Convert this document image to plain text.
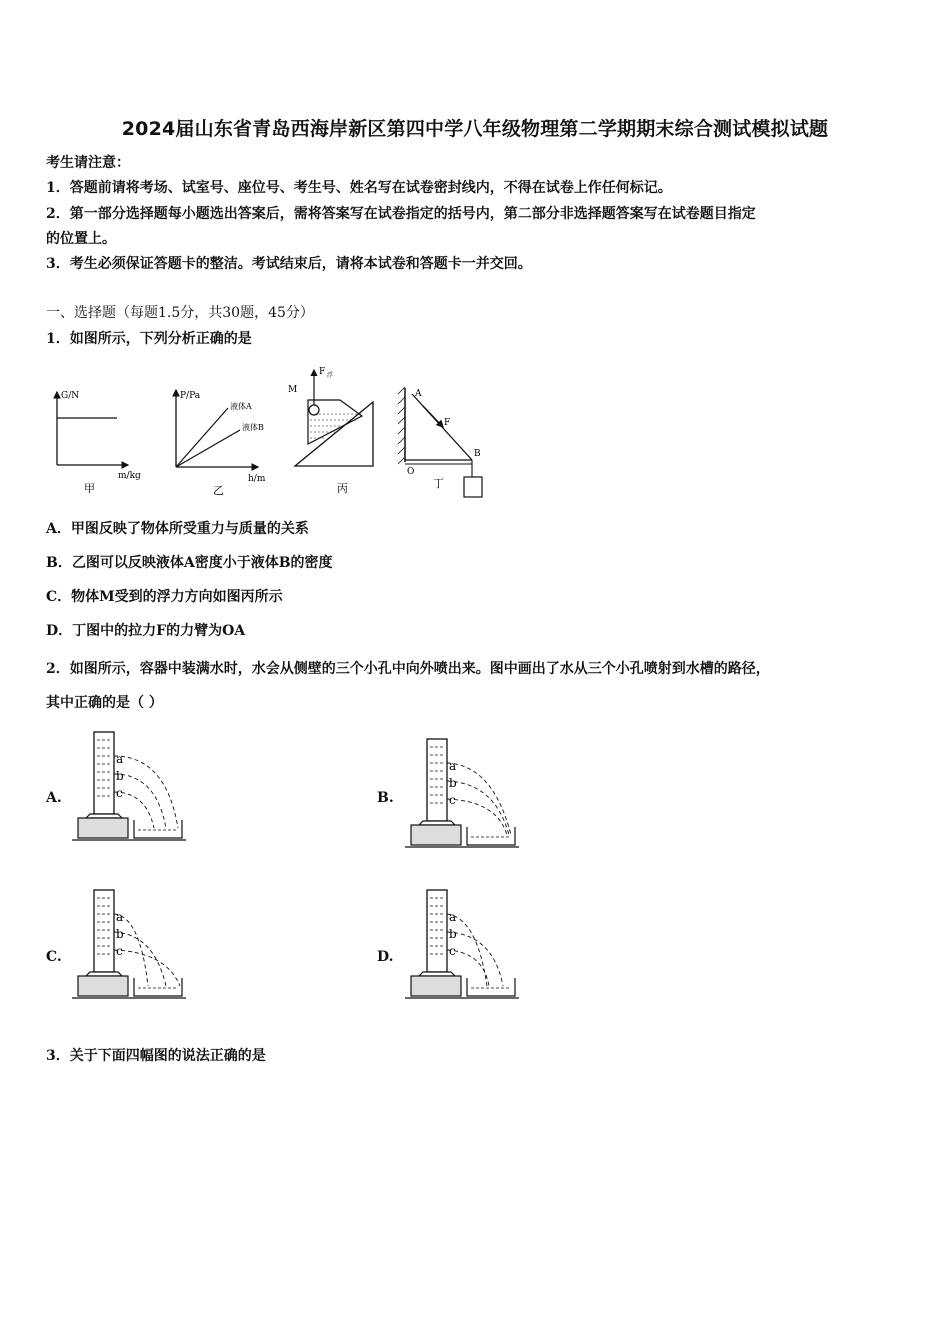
2024届山东省青岛西海岸新区第四中学八年级物理第二学期期末综合测试模拟试题
考生请注意：
1．答题前请将考场、试室号、座位号、考生号、姓名写在试卷密封线内，不得在试卷上作任何标记。
2．第一部分选择题每小题选出答案后，需将答案写在试卷指定的括号内，第二部分非选择题答案写在试卷题目指定
的位置上。
3．考生必须保证答题卡的整洁。考试结束后，请将本试卷和答题卡一并交回。
一、选择题（每题1.5分，共30题，45分）
1．如图所示，下列分析正确的是
G/N
m/kg
甲
P/Pa
液体A
液体B
h/m
乙
M
F 浮
丙
A
F
B
O
丁
A．甲图反映了物体所受重力与质量的关系
B．乙图可以反映液体A密度小于液体B的密度
C．物体M受到的浮力方向如图丙所示
D．丁图中的拉力F的力臂为OA
2．如图所示，容器中装满水时，水会从侧壁的三个小孔中向外喷出来。图中画出了水从三个小孔喷射到水槽的路径，
其中正确的是（ ）
A.	B.
C.	D.
a
b
c
a
b
c
a
b
c
a
b
c
3．关于下面四幅图的说法正确的是
